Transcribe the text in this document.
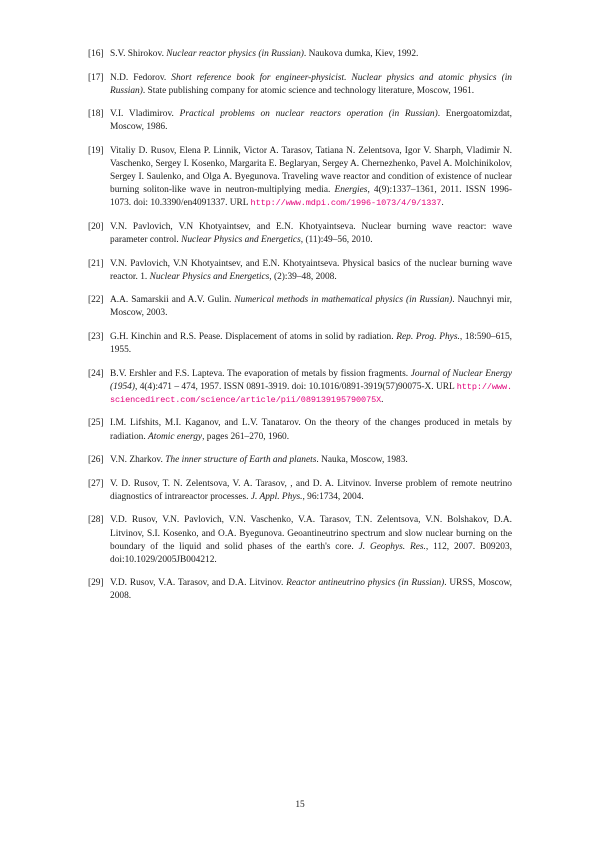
[16] S.V. Shirokov. Nuclear reactor physics (in Russian). Naukova dumka, Kiev, 1992.
[17] N.D. Fedorov. Short reference book for engineer-physicist. Nuclear physics and atomic physics (in Russian). State publishing company for atomic science and technology literature, Moscow, 1961.
[18] V.I. Vladimirov. Practical problems on nuclear reactors operation (in Russian). Energoatomizdat, Moscow, 1986.
[19] Vitaliy D. Rusov, Elena P. Linnik, Victor A. Tarasov, Tatiana N. Zelentsova, Igor V. Sharph, Vladimir N. Vaschenko, Sergey I. Kosenko, Margarita E. Beglaryan, Sergey A. Chernezhenko, Pavel A. Molchinikolov, Sergey I. Saulenko, and Olga A. Byegunova. Traveling wave reactor and condition of existence of nuclear burning soliton-like wave in neutron-multiplying media. Energies, 4(9):1337–1361, 2011. ISSN 1996-1073. doi: 10.3390/en4091337. URL http://www.mdpi.com/1996-1073/4/9/1337.
[20] V.N. Pavlovich, V.N Khotyaintsev, and E.N. Khotyaintseva. Nuclear burning wave reactor: wave parameter control. Nuclear Physics and Energetics, (11):49–56, 2010.
[21] V.N. Pavlovich, V.N Khotyaintsev, and E.N. Khotyaintseva. Physical basics of the nuclear burning wave reactor. 1. Nuclear Physics and Energetics, (2):39–48, 2008.
[22] A.A. Samarskii and A.V. Gulin. Numerical methods in mathematical physics (in Russian). Nauchnyi mir, Moscow, 2003.
[23] G.H. Kinchin and R.S. Pease. Displacement of atoms in solid by radiation. Rep. Prog. Phys., 18:590–615, 1955.
[24] B.V. Ershler and F.S. Lapteva. The evaporation of metals by fission fragments. Journal of Nuclear Energy (1954), 4(4):471 – 474, 1957. ISSN 0891-3919. doi: 10.1016/0891-3919(57)90075-X. URL http://www.sciencedirect.com/science/article/pii/089139195790075X.
[25] I.M. Lifshits, M.I. Kaganov, and L.V. Tanatarov. On the theory of the changes produced in metals by radiation. Atomic energy, pages 261–270, 1960.
[26] V.N. Zharkov. The inner structure of Earth and planets. Nauka, Moscow, 1983.
[27] V. D. Rusov, T. N. Zelentsova, V. A. Tarasov, , and D. A. Litvinov. Inverse problem of remote neutrino diagnostics of intrareactor processes. J. Appl. Phys., 96:1734, 2004.
[28] V.D. Rusov, V.N. Pavlovich, V.N. Vaschenko, V.A. Tarasov, T.N. Zelentsova, V.N. Bolshakov, D.A. Litvinov, S.I. Kosenko, and O.A. Byegunova. Geoantineutrino spectrum and slow nuclear burning on the boundary of the liquid and solid phases of the earth's core. J. Geophys. Res., 112, 2007. B09203, doi:10.1029/2005JB004212.
[29] V.D. Rusov, V.A. Tarasov, and D.A. Litvinov. Reactor antineutrino physics (in Russian). URSS, Moscow, 2008.
15
